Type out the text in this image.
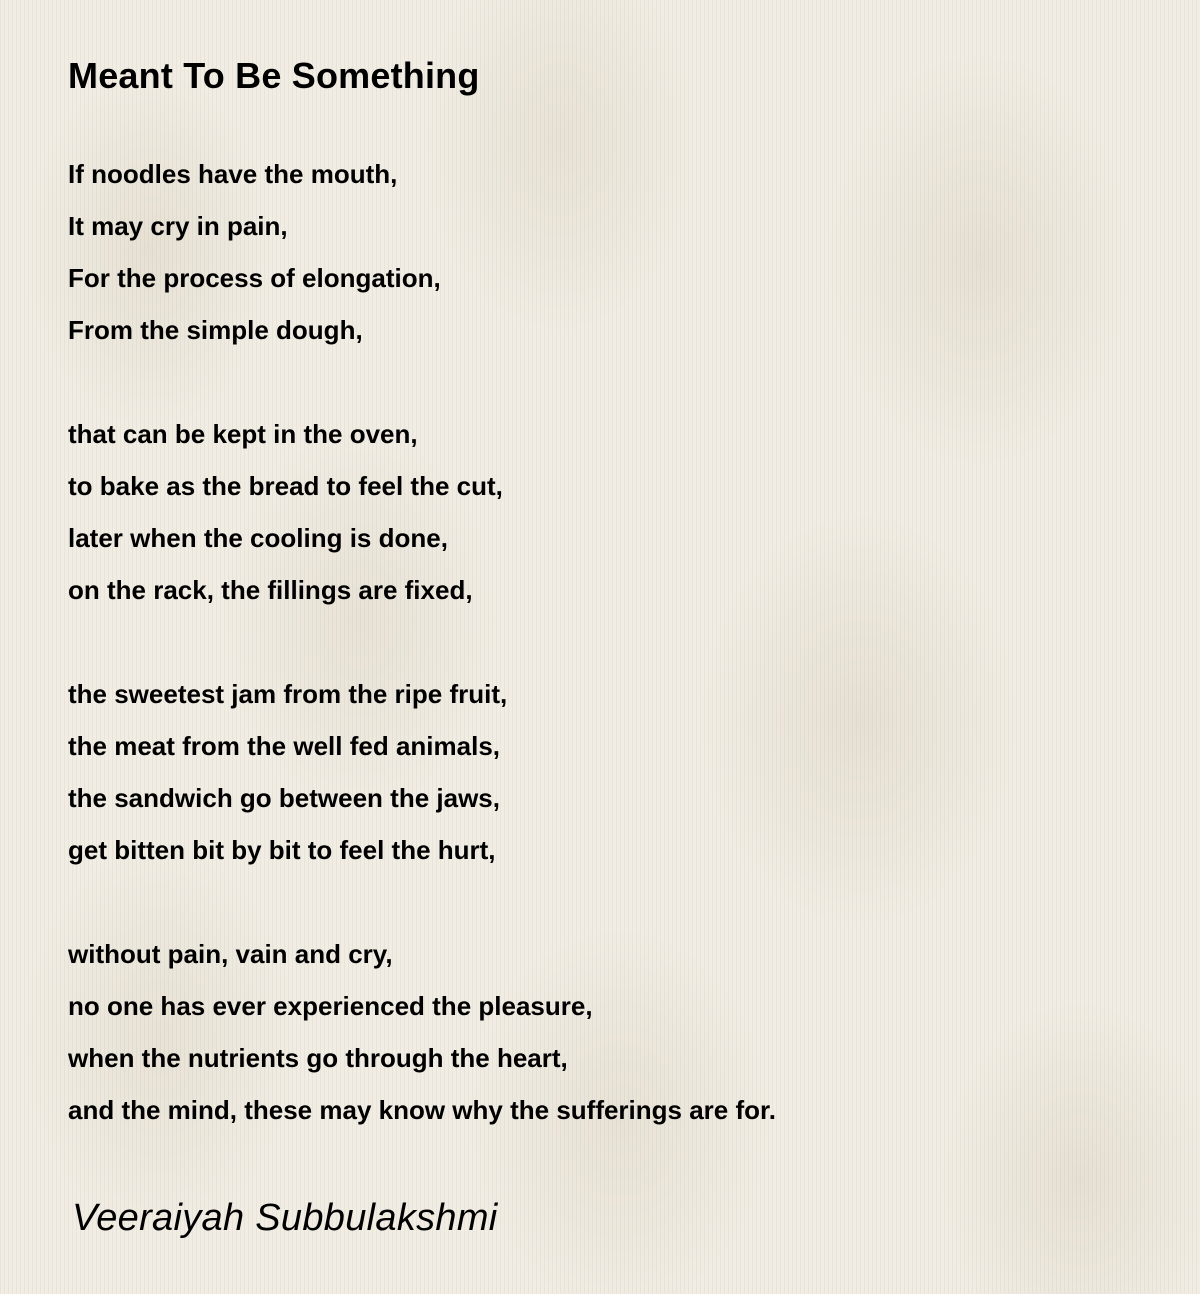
Meant To Be Something
If noodles have the mouth,
It may cry in pain,
For the process of elongation,
From the simple dough,
that can be kept in the oven,
to bake as the bread to feel the cut,
later when the cooling is done,
on the rack, the fillings are fixed,
the sweetest jam from the ripe fruit,
the meat from the well fed animals,
the sandwich go between the jaws,
get bitten bit by bit to feel the hurt,
without pain, vain and cry,
no one has ever experienced the pleasure,
when the nutrients go through the heart,
and the mind, these may know why the sufferings are for.
Veeraiyah Subbulakshmi
